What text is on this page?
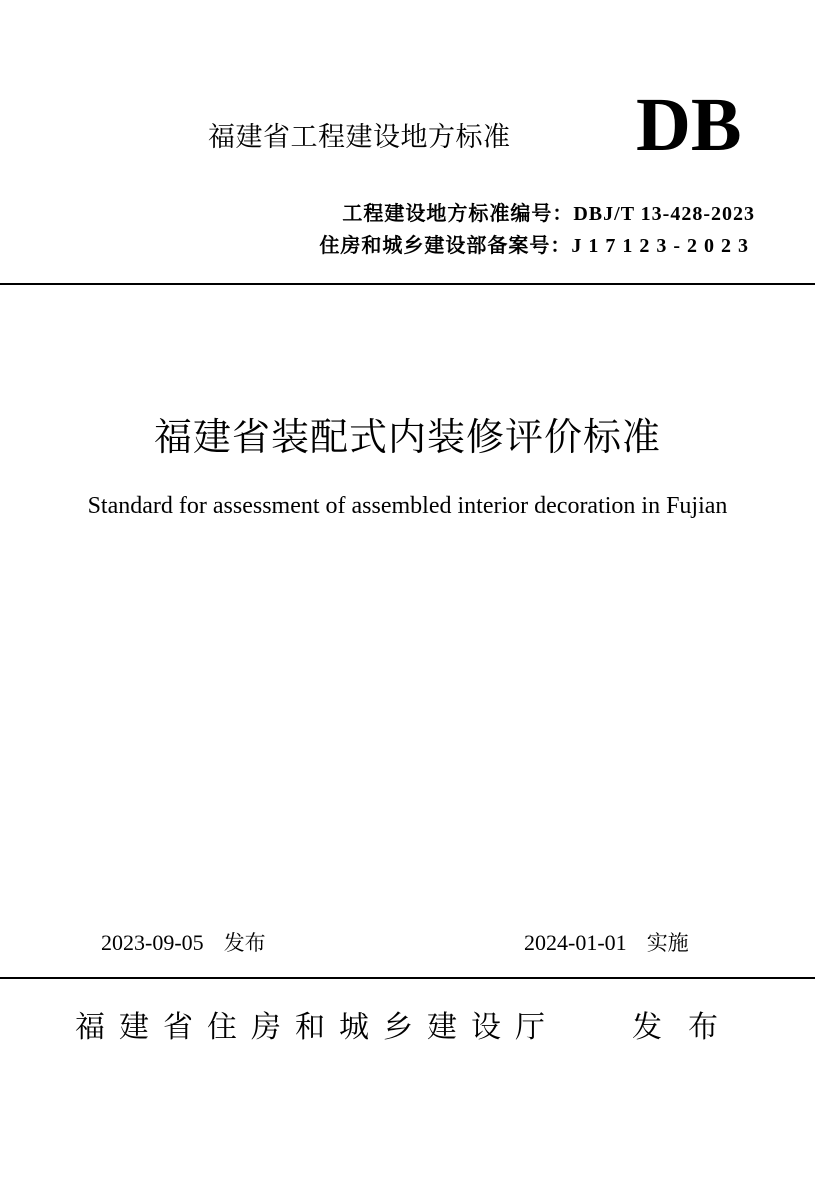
福建省工程建设地方标准 DB
工程建设地方标准编号：DBJ/T 13-428-2023
住房和城乡建设部备案号：J17123-2023
福建省装配式内装修评价标准
Standard for assessment of assembled interior decoration in Fujian
2023-09-05 发布	2024-01-01 实施
福建省住房和城乡建设厅 发布
